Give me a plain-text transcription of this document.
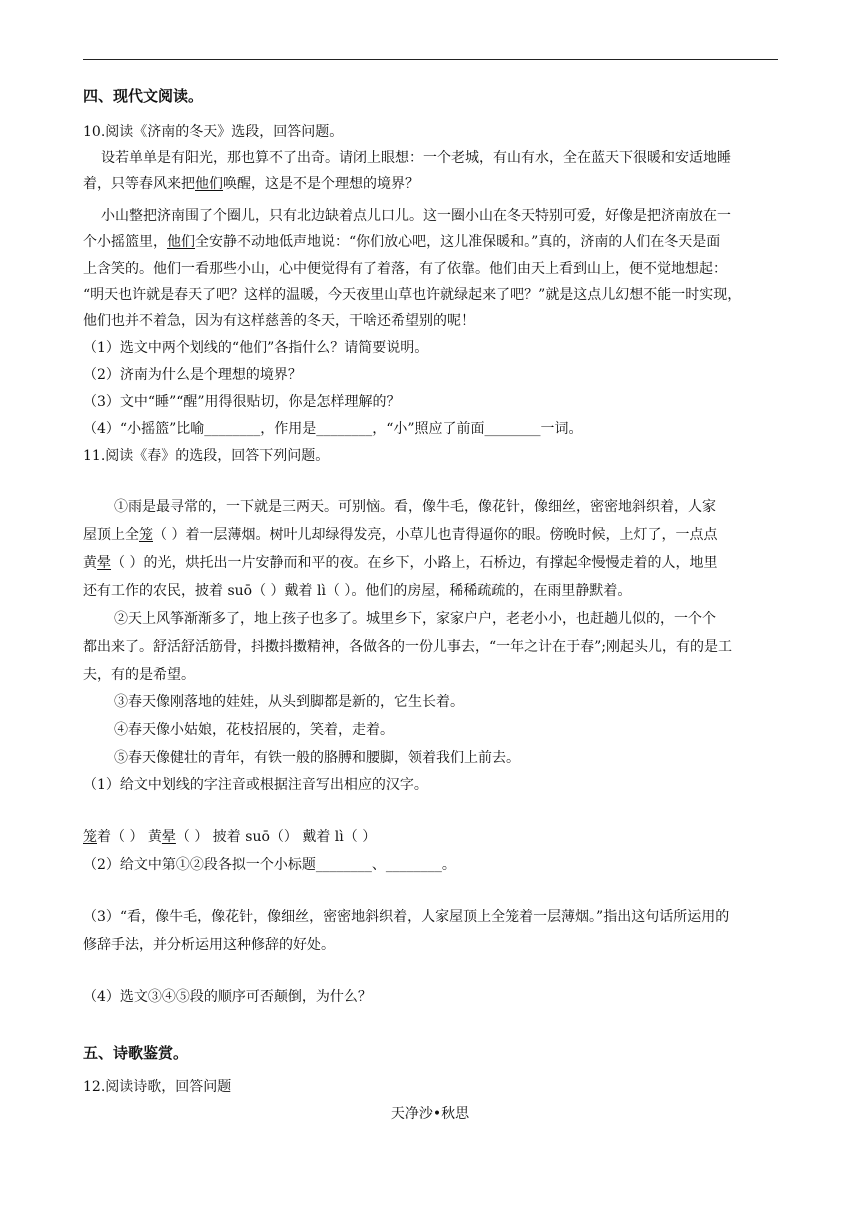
四、现代文阅读。
10.阅读《济南的冬天》选段，回答问题。
设若单单是有阳光，那也算不了出奇。请闭上眼想：一个老城，有山有水，全在蓝天下很暖和安适地睡
着，只等春风来把他们唤醒，这是不是个理想的境界？
小山整把济南围了个圈儿，只有北边缺着点儿口儿。这一圈小山在冬天特别可爱，好像是把济南放在一
个小摇篮里，他们全安静不动地低声地说：“你们放心吧，这儿准保暖和。”真的，济南的人们在冬天是面
上含笑的。他们一看那些小山，心中便觉得有了着落，有了依靠。他们由天上看到山上，便不觉地想起：
“明天也许就是春天了吧？这样的温暖，今天夜里山草也许就绿起来了吧？”就是这点儿幻想不能一时实现，
他们也并不着急，因为有这样慈善的冬天，干啥还希望别的呢！
（1）选文中两个划线的“他们”各指什么？请简要说明。
（2）济南为什么是个理想的境界？
（3）文中“睡”“醒”用得很贴切，你是怎样理解的？
（4）“小摇篮”比喻________，作用是________，“小”照应了前面________一词。
11.阅读《春》的选段，回答下列问题。
①雨是最寻常的，一下就是三两天。可别恼。看，像牛毛，像花针，像细丝，密密地斜织着，人家
屋顶上全笼（ ）着一层薄烟。树叶儿却绿得发亮，小草儿也青得逼你的眼。傍晚时候，上灯了，一点点
黄晕（ ）的光，烘托出一片安静而和平的夜。在乡下，小路上，石桥边，有撑起伞慢慢走着的人，地里
还有工作的农民，披着 suō（ ）戴着 lì（ ）。他们的房屋，稀稀疏疏的，在雨里静默着。
②天上风筝渐渐多了，地上孩子也多了。城里乡下，家家户户，老老小小，也赶趟儿似的，一个个
都出来了。舒活舒活筋骨，抖擞抖擞精神，各做各的一份儿事去，“一年之计在于春”;刚起头儿，有的是工
夫，有的是希望。
③春天像刚落地的娃娃，从头到脚都是新的，它生长着。
④春天像小姑娘，花枝招展的，笑着，走着。
⑤春天像健壮的青年，有铁一般的胳膊和腰脚，领着我们上前去。
（1）给文中划线的字注音或根据注音写出相应的汉字。
笼着（ ） 黄晕（ ） 披着 suō（） 戴着 lì（ ）
（2）给文中第①②段各拟一个小标题________、________。
（3）“看，像牛毛，像花针，像细丝，密密地斜织着，人家屋顶上全笼着一层薄烟。”指出这句话所运用的
修辞手法，并分析运用这种修辞的好处。
（4）选文③④⑤段的顺序可否颠倒，为什么？
五、诗歌鉴赏。
12.阅读诗歌，回答问题
天净沙•秋思
